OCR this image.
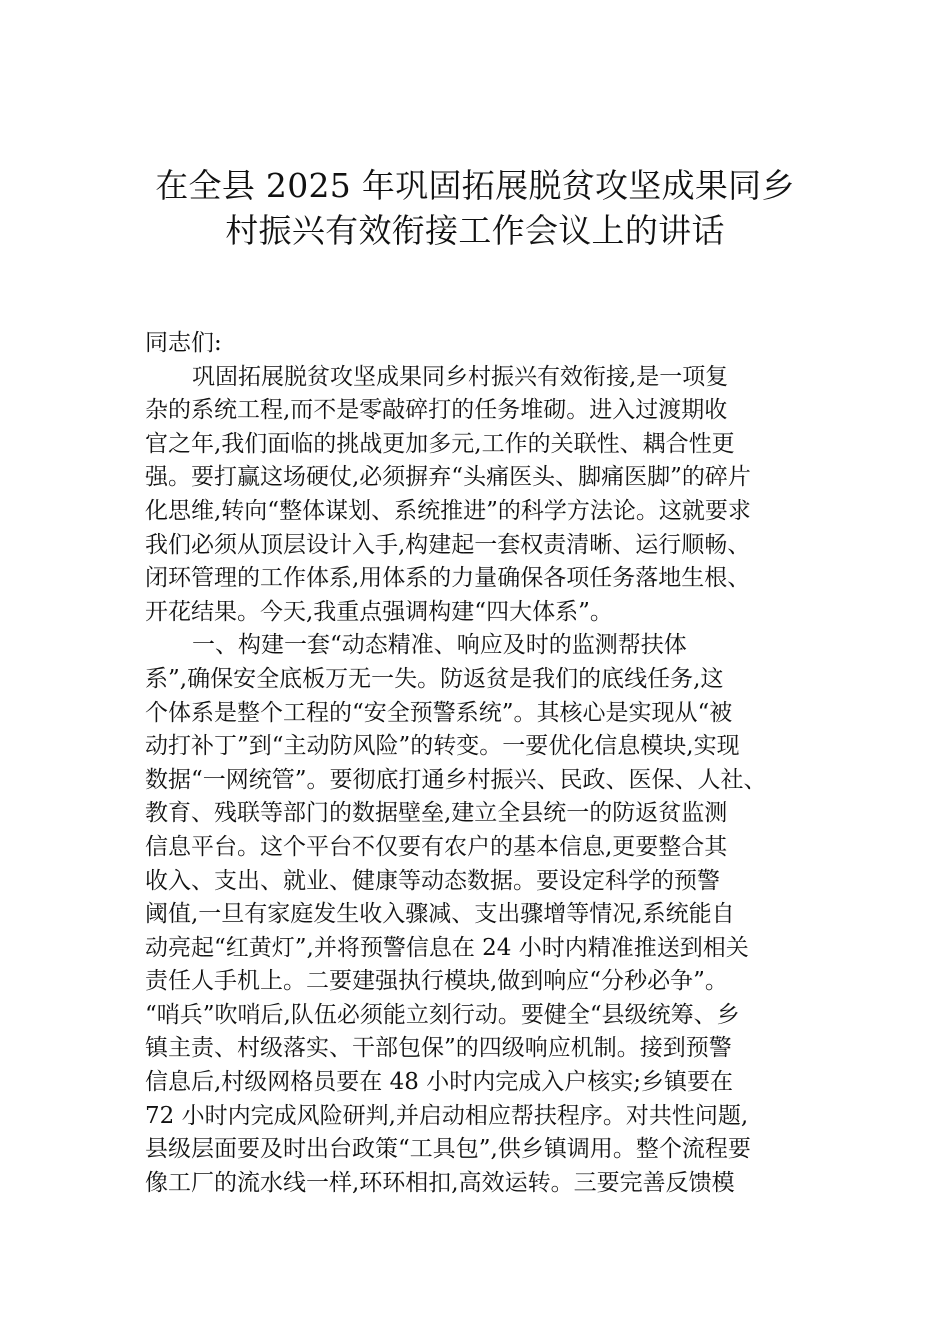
在全县 2025 年巩固拓展脱贫攻坚成果同乡
村振兴有效衔接工作会议上的讲话
同志们:
巩固拓展脱贫攻坚成果同乡村振兴有效衔接,是一项复
杂的系统工程,而不是零敲碎打的任务堆砌。进入过渡期收
官之年,我们面临的挑战更加多元,工作的关联性、耦合性更
强。要打赢这场硬仗,必须摒弃“头痛医头、脚痛医脚”的碎片
化思维,转向“整体谋划、系统推进”的科学方法论。这就要求
我们必须从顶层设计入手,构建起一套权责清晰、运行顺畅、
闭环管理的工作体系,用体系的力量确保各项任务落地生根、
开花结果。今天,我重点强调构建“四大体系”。
一、构建一套“动态精准、响应及时的监测帮扶体
系”,确保安全底板万无一失。防返贫是我们的底线任务,这
个体系是整个工程的“安全预警系统”。其核心是实现从“被
动打补丁”到“主动防风险”的转变。一要优化信息模块,实现
数据“一网统管”。要彻底打通乡村振兴、民政、医保、人社、
教育、残联等部门的数据壁垒,建立全县统一的防返贫监测
信息平台。这个平台不仅要有农户的基本信息,更要整合其
收入、支出、就业、健康等动态数据。要设定科学的预警
阈值,一旦有家庭发生收入骤减、支出骤增等情况,系统能自
动亮起“红黄灯”,并将预警信息在 24 小时内精准推送到相关
责任人手机上。二要建强执行模块,做到响应“分秒必争”。
“哨兵”吹哨后,队伍必须能立刻行动。要健全“县级统筹、乡
镇主责、村级落实、干部包保”的四级响应机制。接到预警
信息后,村级网格员要在 48 小时内完成入户核实;乡镇要在
72 小时内完成风险研判,并启动相应帮扶程序。对共性问题,
县级层面要及时出台政策“工具包”,供乡镇调用。整个流程要
像工厂的流水线一样,环环相扣,高效运转。三要完善反馈模
